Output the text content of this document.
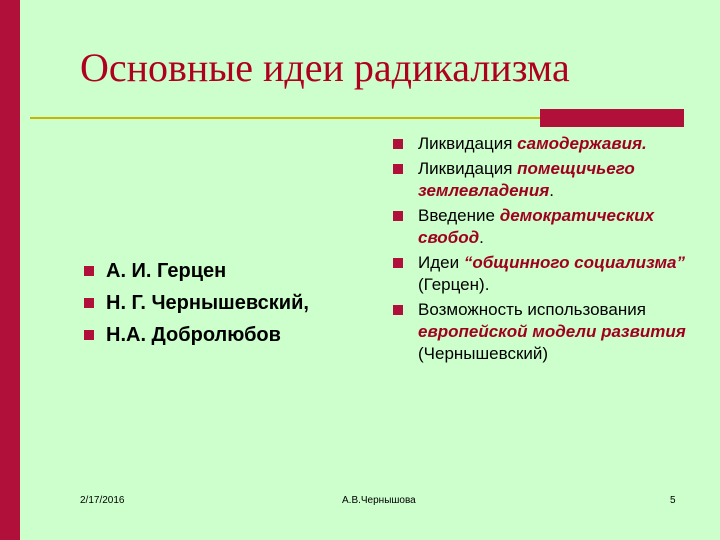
Основные идеи радикализма
А. И. Герцен
Н. Г. Чернышевский,
Н.А. Добролюбов
Ликвидация самодержавия.
Ликвидация помещичьего землевладения.
Введение демократических свобод.
Идеи “общинного социализма” (Герцен).
Возможность использования европейской модели развития (Чернышевский)
2/17/2016	А.В.Чернышова	5
